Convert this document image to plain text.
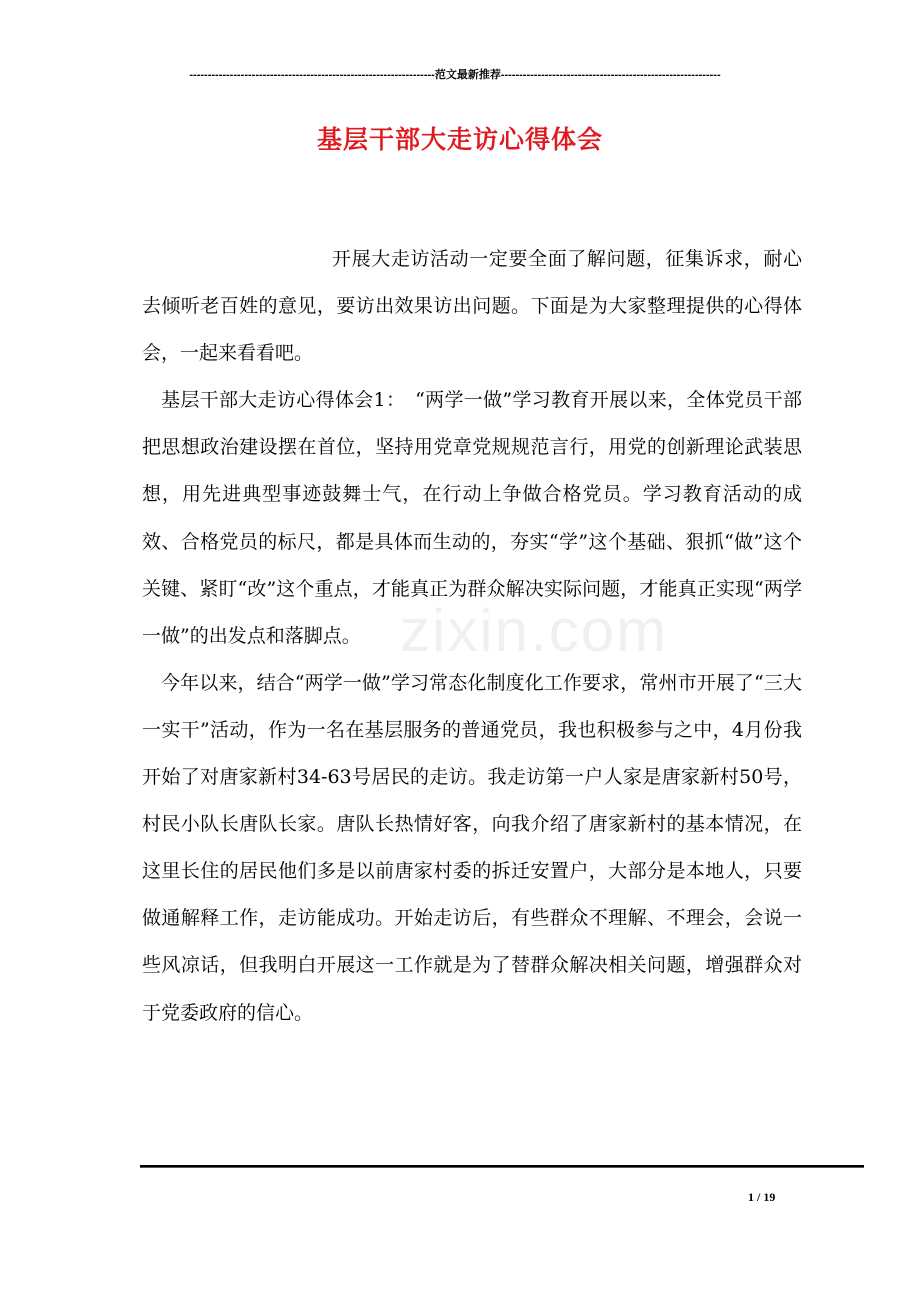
-------------------------------------------------------------------范文最新推荐------------------------------------------------------------
基层干部大走访心得体会

开展大走访活动一定要全面了解问题，征集诉求，耐心去倾听老百姓的意见，要访出效果访出问题。下面是为大家整理提供的心得体会，一起来看看吧。

基层干部大走访心得体会1：　“两学一做”学习教育开展以来，全体党员干部把思想政治建设摆在首位，坚持用党章党规规范言行，用党的创新理论武装思想，用先进典型事迹鼓舞士气，在行动上争做合格党员。学习教育活动的成效、合格党员的标尺，都是具体而生动的，夯实“学”这个基础、狠抓“做”这个关键、紧盯“改”这个重点，才能真正为群众解决实际问题，才能真正实现“两学一做”的出发点和落脚点。

今年以来，结合“两学一做”学习常态化制度化工作要求，常州市开展了“三大一实干”活动，作为一名在基层服务的普通党员，我也积极参与之中，4月份我开始了对唐家新村34-63号居民的走访。我走访第一户人家是唐家新村50号，村民小队长唐队长家。唐队长热情好客，向我介绍了唐家新村的基本情况，在这里长住的居民他们多是以前唐家村委的拆迁安置户，大部分是本地人，只要做通解释工作，走访能成功。开始走访后，有些群众不理解、不理会，会说一些风凉话，但我明白开展这一工作就是为了替群众解决相关问题，增强群众对于党委政府的信心。

zixin.com
1 / 19
